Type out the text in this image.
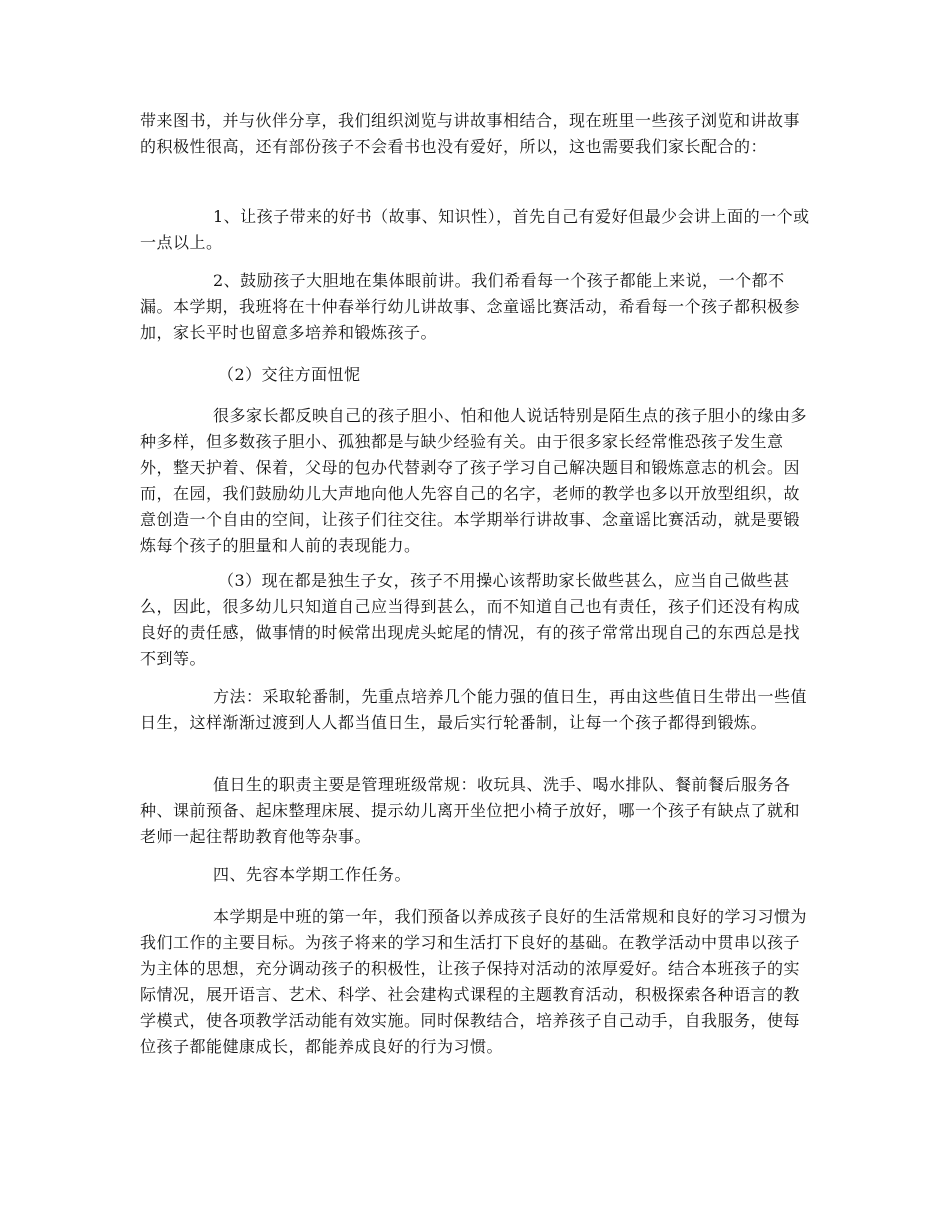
带来图书，并与伙伴分享，我们组织浏览与讲故事相结合，现在班里一些孩子浏览和讲故事的积极性很高，还有部份孩子不会看书也没有爱好，所以，这也需要我们家长配合的：

1、让孩子带来的好书（故事、知识性），首先自己有爱好但最少会讲上面的一个或一点以上。

2、鼓励孩子大胆地在集体眼前讲。我们希看每一个孩子都能上来说，一个都不漏。本学期，我班将在十仲春举行幼儿讲故事、念童谣比赛活动，希看每一个孩子都积极参加，家长平时也留意多培养和锻炼孩子。

（2）交往方面忸怩

很多家长都反映自己的孩子胆小、怕和他人说话特别是陌生点的孩子胆小的缘由多种多样，但多数孩子胆小、孤独都是与缺少经验有关。由于很多家长经常惟恐孩子发生意外，整天护着、保着，父母的包办代替剥夺了孩子学习自己解决题目和锻炼意志的机会。因而，在园，我们鼓励幼儿大声地向他人先容自己的名字，老师的教学也多以开放型组织，故意创造一个自由的空间，让孩子们往交往。本学期举行讲故事、念童谣比赛活动，就是要锻炼每个孩子的胆量和人前的表现能力。

（3）现在都是独生子女，孩子不用操心该帮助家长做些甚么，应当自己做些甚么，因此，很多幼儿只知道自己应当得到甚么，而不知道自己也有责任，孩子们还没有构成良好的责任感，做事情的时候常出现虎头蛇尾的情况，有的孩子常常出现自己的东西总是找不到等。

方法：采取轮番制，先重点培养几个能力强的值日生，再由这些值日生带出一些值日生，这样渐渐过渡到人人都当值日生，最后实行轮番制，让每一个孩子都得到锻炼。

值日生的职责主要是管理班级常规：收玩具、洗手、喝水排队、餐前餐后服务各种、课前预备、起床整理床展、提示幼儿离开坐位把小椅子放好，哪一个孩子有缺点了就和老师一起往帮助教育他等杂事。

四、先容本学期工作任务。

本学期是中班的第一年，我们预备以养成孩子良好的生活常规和良好的学习习惯为我们工作的主要目标。为孩子将来的学习和生活打下良好的基础。在教学活动中贯串以孩子为主体的思想，充分调动孩子的积极性，让孩子保持对活动的浓厚爱好。结合本班孩子的实际情况，展开语言、艺术、科学、社会建构式课程的主题教育活动，积极探索各种语言的教学模式，使各项教学活动能有效实施。同时保教结合，培养孩子自己动手，自我服务，使每位孩子都能健康成长，都能养成良好的行为习惯。
